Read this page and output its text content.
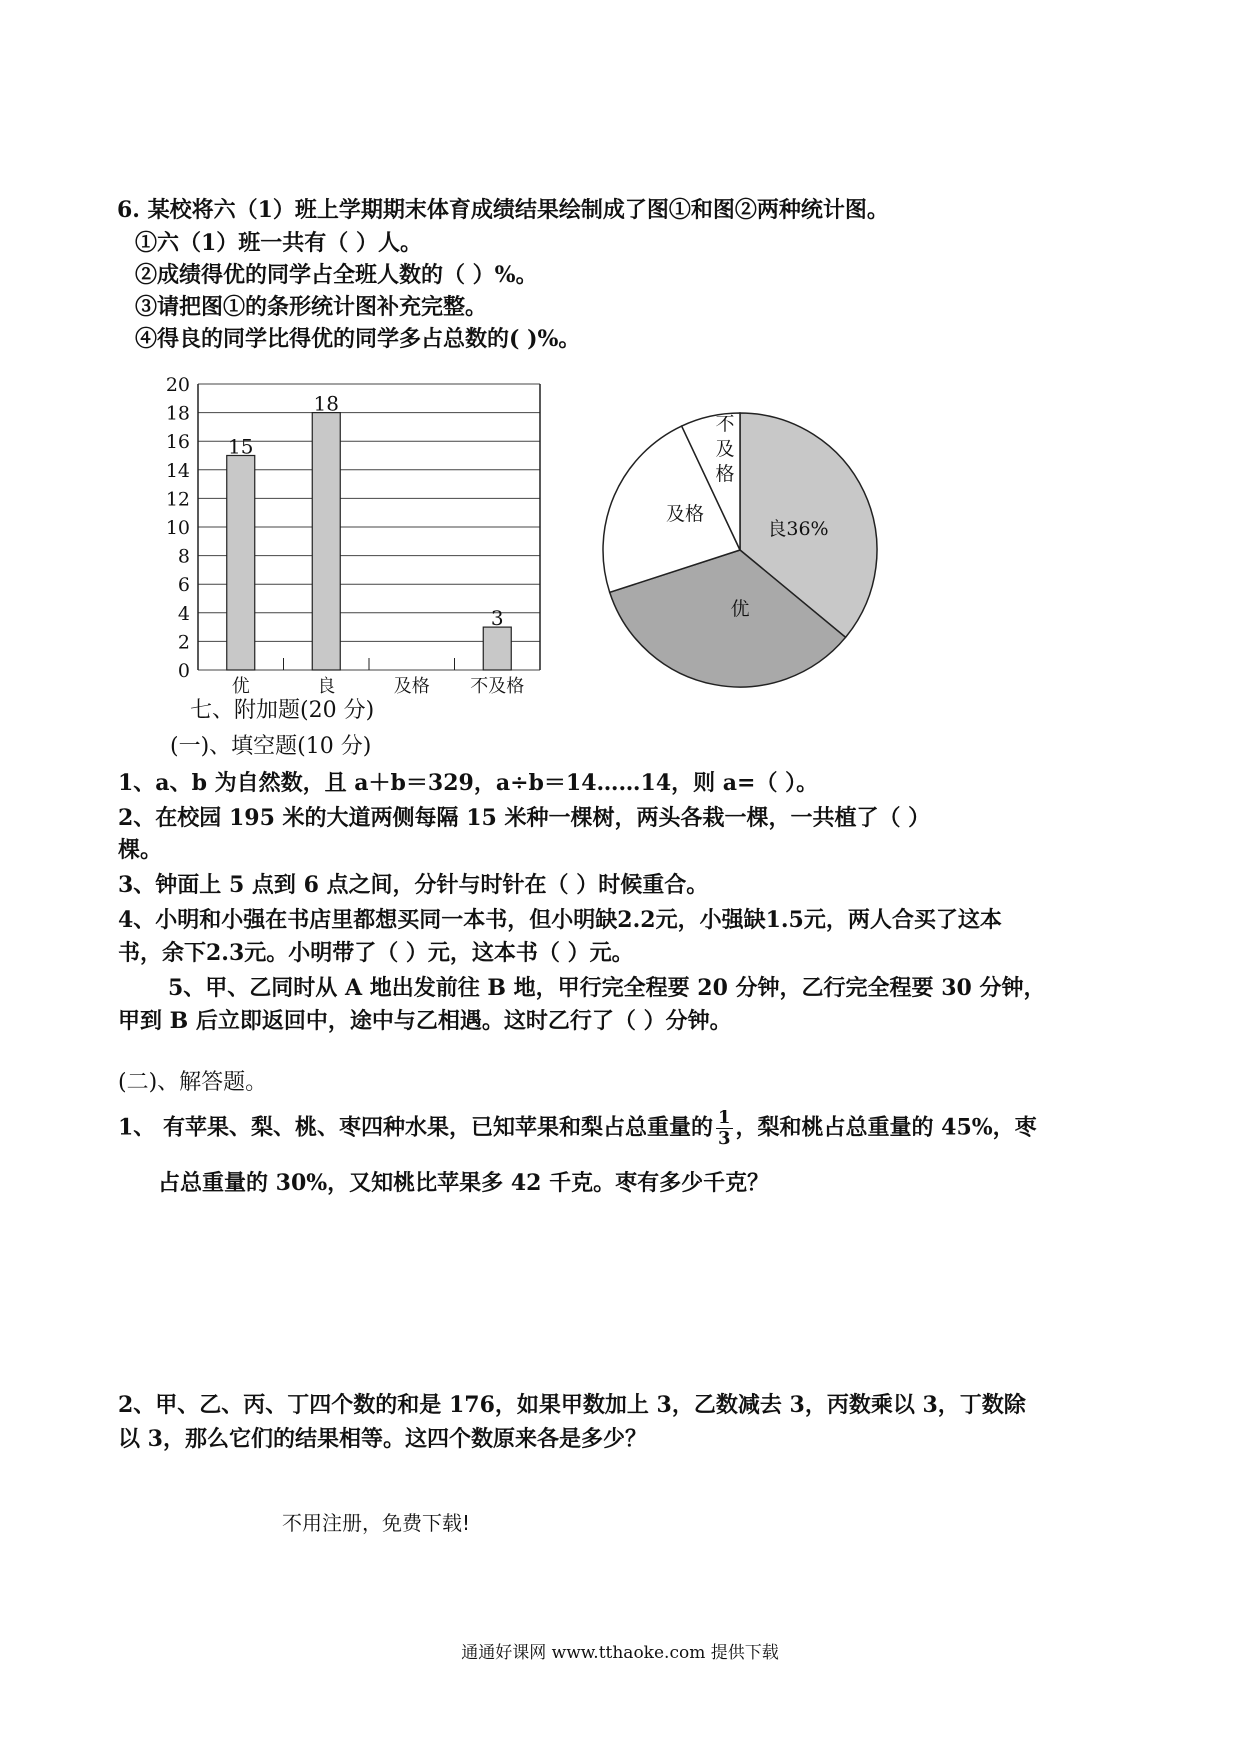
6. 某校将六（1）班上学期期末体育成绩结果绘制成了图①和图②两种统计图。
①六（1）班一共有（ ）人。
②成绩得优的同学占全班人数的（ ）%。
③请把图①的条形统计图补充完整。
④得良的同学比得优的同学多占总数的( )%。
0
2
4
6
8
10
12
14
16
18
20
15
优
18
良	及格
3
不及格
良36%
优
及格
不
及
格
七、附加题(20 分)
(一)、填空题(10 分)
1、a、b 为自然数，且 a＋b＝329，a÷b＝14……14，则 a=（ ）。
2、在校园 195 米的大道两侧每隔 15 米种一棵树，两头各栽一棵，一共植了（ ）
棵。
3、钟面上 5 点到 6 点之间，分针与时针在（ ）时候重合。
4、小明和小强在书店里都想买同一本书，但小明缺2.2元，小强缺1.5元，两人合买了这本
书，余下2.3元。小明带了（ ）元，这本书（ ）元。
5、甲、乙同时从 A 地出发前往 B 地，甲行完全程要 20 分钟，乙行完全程要 30 分钟，
甲到 B 后立即返回中，途中与乙相遇。这时乙行了（ ）分钟。
(二)、解答题。
1、 有苹果、梨、桃、枣四种水果，已知苹果和梨占总重量的 $\frac{1}{3}$ ，梨和桃占总重量的 45%，枣
占总重量的 30%，又知桃比苹果多 42 千克。枣有多少千克？
2、甲、乙、丙、丁四个数的和是 176，如果甲数加上 3，乙数减去 3，丙数乘以 3，丁数除
以 3，那么它们的结果相等。这四个数原来各是多少？
不用注册，免费下载!
通通好课网 www.tthaoke.com 提供下载
